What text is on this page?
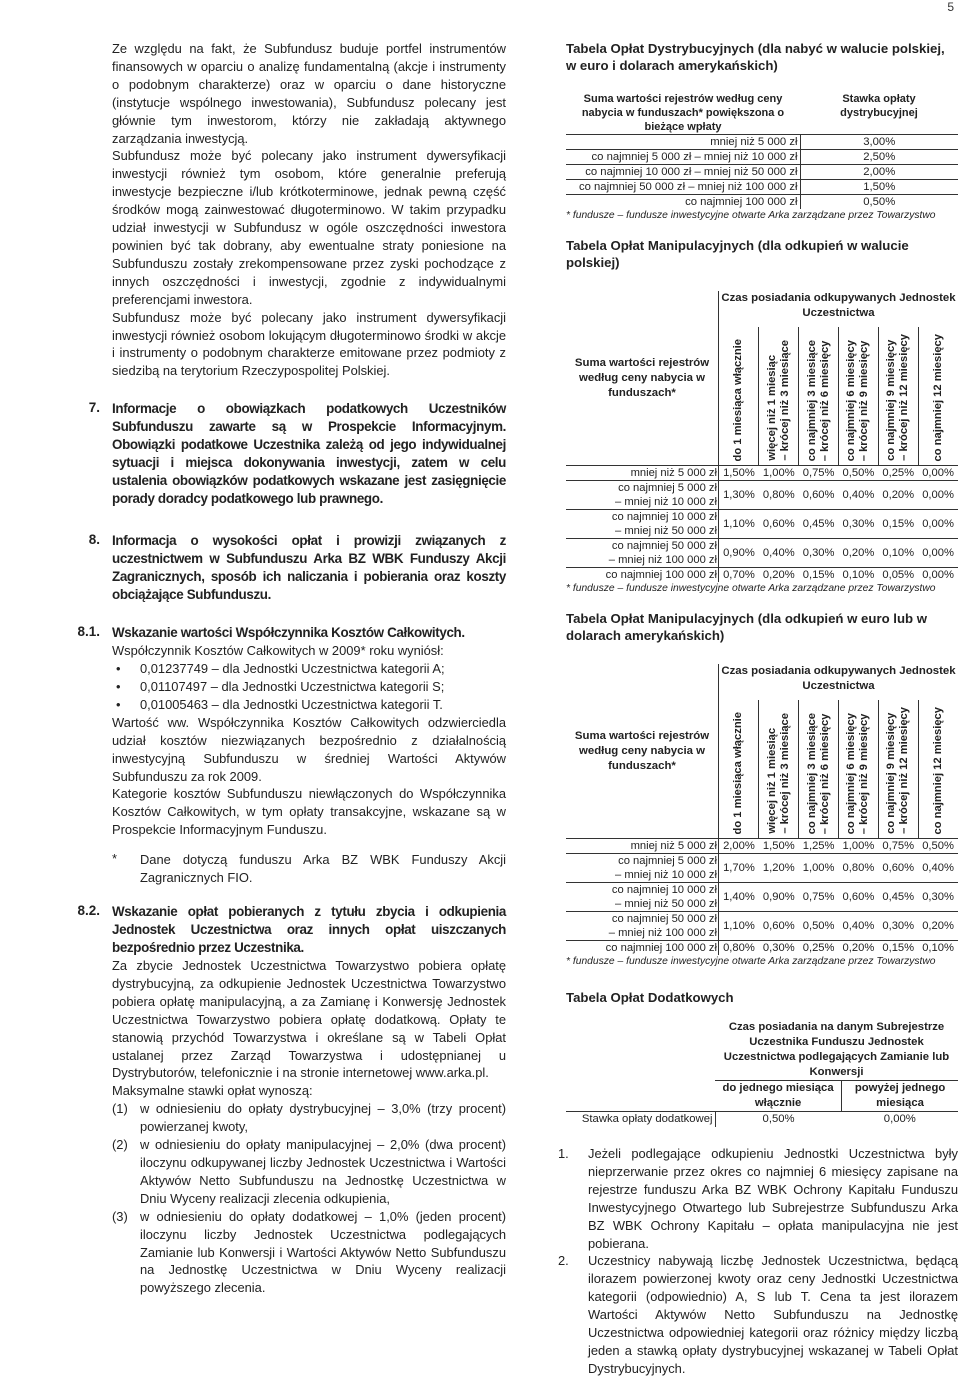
5

Ze względu na fakt, że Subfundusz buduje portfel instrumentów finansowych w oparciu o analizę fundamentalną (akcje i instrumenty o podobnym charakterze) oraz w oparciu o dane historyczne (instytucje wspólnego inwestowania), Subfundusz polecany jest głównie tym inwestorom, którzy nie zakładają aktywnego zarządzania inwestycją.

Subfundusz może być polecany jako instrument dywersyfikacji inwestycji również tym osobom, które generalnie preferują inwestycje bezpieczne i/lub krótkoterminowe, jednak pewną część środków mogą zainwestować długoterminowo. W takim przypadku udział inwestycji w Subfundusz w ogóle oszczędności inwestora powinien być tak dobrany, aby ewentualne straty poniesione na Subfunduszu zostały zrekompensowane przez zyski pochodzące z innych oszczędności i inwestycji, zgodnie z indywidualnymi preferencjami inwestora.

Subfundusz może być polecany jako instrument dywersyfikacji inwestycji również osobom lokującym długoterminowo środki w akcje i instrumenty o podobnym charakterze emitowane przez podmioty z siedzibą na terytorium Rzeczypospolitej Polskiej.

7. Informacje o obowiązkach podatkowych Uczestników Subfunduszu zawarte są w Prospekcie Informacyjnym. Obowiązki podatkowe Uczestnika zależą od jego indywidualnej sytuacji i miejsca dokonywania inwestycji, zatem w celu ustalenia obowiązków podatkowych wskazane jest zasięgnięcie porady doradcy podatkowego lub prawnego.
8. Informacja o wysokości opłat i prowizji związanych z uczestnictwem w Subfunduszu Arka BZ WBK Funduszy Akcji Zagranicznych, sposób ich naliczania i pobierania oraz koszty obciążające Subfunduszu.
8.1. Wskazanie wartości Współczynnika Kosztów Całkowitych.

Współczynnik Kosztów Całkowitych w 2009* roku wyniósł:

• 0,01237749 – dla Jednostki Uczestnictwa kategorii A;
• 0,01107497 – dla Jednostki Uczestnictwa kategorii S;
• 0,01005463 – dla Jednostki Uczestnictwa kategorii T.

Wartość ww. Współczynnika Kosztów Całkowitych odzwierciedla udział kosztów niezwiązanych bezpośrednio z działalnością inwestycyjną Subfunduszu w średniej Wartości Aktywów Subfunduszu za rok 2009.

Kategorie kosztów Subfunduszu niewłączonych do Współczynnika Kosztów Całkowitych, w tym opłaty transakcyjne, wskazane są w Prospekcie Informacyjnym Funduszu.

*	Dane dotyczą funduszu Arka BZ WBK Funduszy Akcji Zagranicznych FIO.
8.2. Wskazanie opłat pobieranych z tytułu zbycia i odkupienia Jednostek Uczestnictwa oraz innych opłat uiszczanych bezpośrednio przez Uczestnika.

Za zbycie Jednostek Uczestnictwa Towarzystwo pobiera opłatę dystrybucyjną, za odkupienie Jednostek Uczestnictwa Towarzystwo pobiera opłatę manipulacyjną, a za Zamianę i Konwersję Jednostek Uczestnictwa Towarzystwo pobiera opłatę dodatkową. Opłaty te stanowią przychód Towarzystwa i określane są w Tabeli Opłat ustalanej przez Zarząd Towarzystwa i udostępnianej u Dystrybutorów, telefonicznie i na stronie internetowej www.arka.pl.

Maksymalne stawki opłat wynoszą:

(1) w odniesieniu do opłaty dystrybucyjnej – 3,0% (trzy procent) powierzanej kwoty,
(2) w odniesieniu do opłaty manipulacyjnej – 2,0% (dwa procent) iloczynu odkupywanej liczby Jednostek Uczestnictwa i Wartości Aktywów Netto Subfunduszu na Jednostkę Uczestnictwa w Dniu Wyceny realizacji zlecenia odkupienia,
(3) w odniesieniu do opłaty dodatkowej – 1,0% (jeden procent) iloczynu liczby Jednostek Uczestnictwa podlegających Zamianie lub Konwersji i Wartości Aktywów Netto Subfunduszu na Jednostkę Uczestnictwa w Dniu Wyceny realizacji powyższego zlecenia.

Tabela Opłat Dystrybucyjnych (dla nabyć w walucie polskiej, w euro i dolarach amerykańskich)

Suma wartości rejestrów według ceny nabycia w funduszach* powiększona o bieżące wpłaty	Stawka opłaty dystrybucyjnej
mniej niż 5 000 zł	3,00%
co najmniej 5 000 zł – mniej niż 10 000 zł	2,50%
co najmniej 10 000 zł – mniej niż 50 000 zł	2,00%
co najmniej 50 000 zł – mniej niż 100 000 zł	1,50%
co najmniej 100 000 zł	0,50%
* fundusze – fundusze inwestycyjne otwarte Arka zarządzane przez Towarzystwo

Tabela Opłat Manipulacyjnych (dla odkupień w walucie polskiej)

Suma wartości rejestrów według ceny nabycia w funduszach*	Czas posiadania odkupywanych Jednostek Uczestnictwa					

	do 1 miesiąca włącznie	więcej niż 1 miesiąc – krócej niż 3 miesiące	co najmniej 3 miesiące – krócej niż 6 miesięcy	co najmniej 6 miesięcy – krócej niż 9 miesięcy	co najmniej 9 miesięcy – krócej niż 12 miesięcy	co najmniej 12 miesięcy

mniej niż 5 000 zł	1,50%	1,00%	0,75%	0,50%	0,25%	0,00%

co najmniej 5 000 zł
– mniej niż 10 000 zł	1,30%	0,80%	0,60%	0,40%	0,20%	0,00%

co najmniej 10 000 zł
– mniej niż 50 000 zł	1,10%	0,60%	0,45%	0,30%	0,15%	0,00%

co najmniej 50 000 zł
– mniej niż 100 000 zł	0,90%	0,40%	0,30%	0,20%	0,10%	0,00%

co najmniej 100 000 zł	0,70%	0,20%	0,15%	0,10%	0,05%	0,00%
* fundusze – fundusze inwestycyjne otwarte Arka zarządzane przez Towarzystwo

Tabela Opłat Manipulacyjnych (dla odkupień w euro lub w dolarach amerykańskich)

Suma wartości rejestrów według ceny nabycia w funduszach*	Czas posiadania odkupywanych Jednostek Uczestnictwa					

	do 1 miesiąca włącznie	więcej niż 1 miesiąc – krócej niż 3 miesiące	co najmniej 3 miesiące – krócej niż 6 miesięcy	co najmniej 6 miesięcy – krócej niż 9 miesięcy	co najmniej 9 miesięcy – krócej niż 12 miesięcy	co najmniej 12 miesięcy

mniej niż 5 000 zł	2,00%	1,50%	1,25%	1,00%	0,75%	0,50%

co najmniej 5 000 zł
– mniej niż 10 000 zł	1,70%	1,20%	1,00%	0,80%	0,60%	0,40%

co najmniej 10 000 zł
– mniej niż 50 000 zł	1,40%	0,90%	0,75%	0,60%	0,45%	0,30%

co najmniej 50 000 zł
– mniej niż 100 000 zł	1,10%	0,60%	0,50%	0,40%	0,30%	0,20%

co najmniej 100 000 zł	0,80%	0,30%	0,25%	0,20%	0,15%	0,10%
* fundusze – fundusze inwestycyjne otwarte Arka zarządzane przez Towarzystwo

Tabela Opłat Dodatkowych

	Czas posiadania na danym Subrejestrze Uczestnika Funduszu Jednostek Uczestnictwa podlegających Zamianie lub Konwersji	
	do jednego miesiąca włącznie	powyżej jednego miesiąca
Stawka opłaty dodatkowej	0,50%	0,00%
1. Jeżeli podlegające odkupieniu Jednostki Uczestnictwa były nieprzerwanie przez okres co najmniej 6 miesięcy zapisane na rejestrze funduszu Arka BZ WBK Ochrony Kapitału Funduszu Inwestycyjnego Otwartego lub Subrejestrze Subfunduszu Arka BZ WBK Ochrony Kapitału – opłata manipulacyjna nie jest pobierana.
2. Uczestnicy nabywają liczbę Jednostek Uczestnictwa, będącą ilorazem powierzonej kwoty oraz ceny Jednostki Uczestnictwa kategorii (odpowiednio) A, S lub T. Cena ta jest ilorazem Wartości Aktywów Netto Subfunduszu na Jednostkę Uczestnictwa odpowiedniej kategorii oraz różnicy między liczbą jeden a stawką opłaty dystrybucyjnej wskazanej w Tabeli Opłat Dystrybucyjnych.
